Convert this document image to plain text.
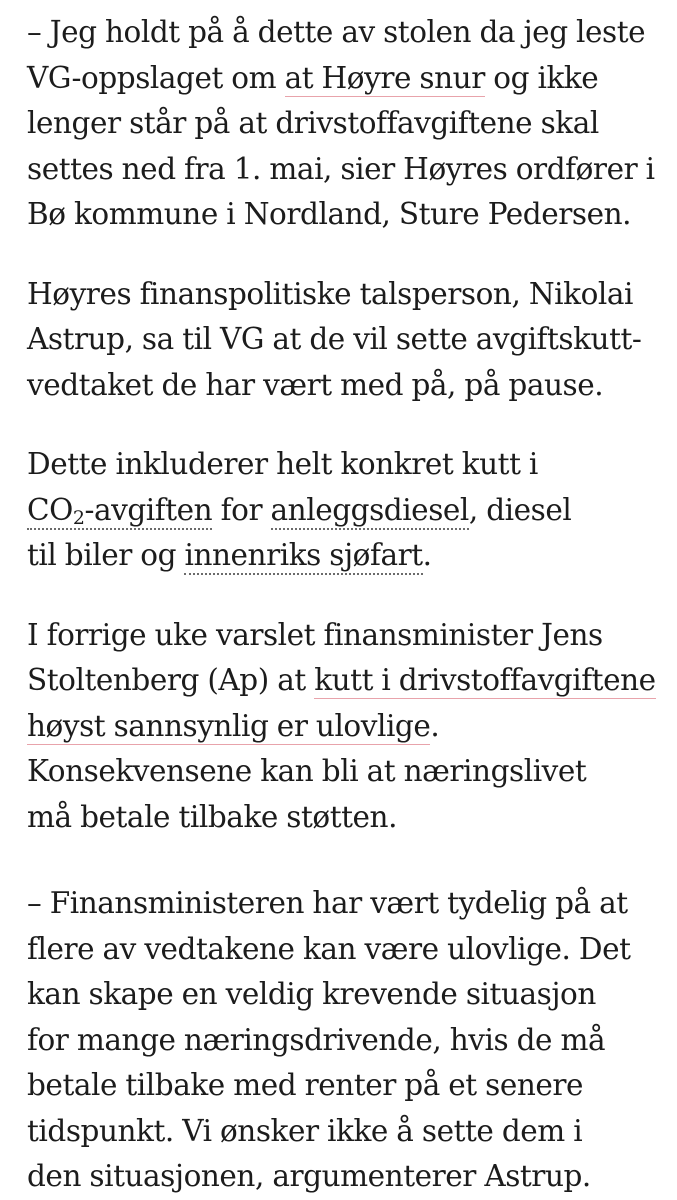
– Jeg holdt på å dette av stolen da jeg leste
VG-oppslaget om at Høyre snur og ikke
lenger står på at drivstoffavgiftene skal
settes ned fra 1. mai, sier Høyres ordfører i
Bø kommune i Nordland, Sture Pedersen.

Høyres finanspolitiske talsperson, Nikolai
Astrup, sa til VG at de vil sette avgiftskutt-
vedtaket de har vært med på, på pause.

Dette inkluderer helt konkret kutt i
$CO_2$-avgiften for anleggsdiesel, diesel
til biler og innenriks sjøfart.

I forrige uke varslet finansminister Jens
Stoltenberg (Ap) at kutt i drivstoffavgiftene
høyst sannsynlig er ulovlige.
Konsekvensene kan bli at næringslivet
må betale tilbake støtten.

– Finansministeren har vært tydelig på at
flere av vedtakene kan være ulovlige. Det
kan skape en veldig krevende situasjon
for mange næringsdrivende, hvis de må
betale tilbake med renter på et senere
tidspunkt. Vi ønsker ikke å sette dem i
den situasjonen, argumenterer Astrup.
